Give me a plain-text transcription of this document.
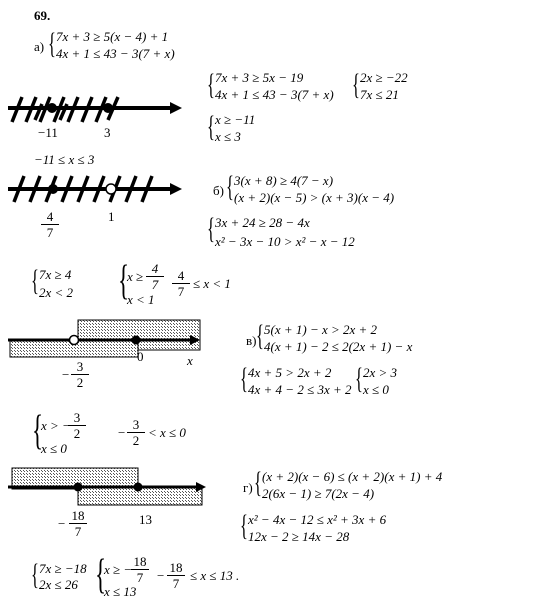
69.
а) { 7x + 3 ≥ 5(x − 4) + 1
4x + 1 ≤ 43 − 3(7 + x)
{ 7x + 3 ≥ 5x − 19
4x + 1 ≤ 43 − 3(7 + x) { 2x ≥ −22
7x ≤ 21
{ x ≥ −11
x ≤ 3
−11	3
−11 ≤ x ≤ 3
б) { 3(x + 8) ≥ 4(7 − x)
(x + 2)(x − 5) > (x + 3)(x − 4)
{ 3x + 24 ≥ 28 − 4x
x² − 3x − 10 > x² − x − 12
4
7
1
{ 7x ≥ 4
2x < 2 {
x ≥
4
7
x < 1
4
7
≤ x < 1
в) { 5(x + 1) − x > 2x + 2
4(x + 1) − 2 ≤ 2(2x + 1) − x
{ 4x + 5 > 2x + 2
4x + 4 − 2 ≤ 3x + 2 { 2x > 3
x ≤ 0
0	x
−
3
2
{
x > −
3
2
x ≤ 0
−
3
2
< x ≤ 0
г) { (x + 2)(x − 6) ≤ (x + 2)(x + 1) + 4
2(6x − 1) ≥ 7(2x − 4)
{ x² − 4x − 12 ≤ x² + 3x + 6
12x − 2 ≥ 14x − 28
−
18
7
13
{ 7x ≥ −18
2x ≤ 26 {
x ≥ −
18
7
x ≤ 13
−
18
7
≤ x ≤ 13 .
